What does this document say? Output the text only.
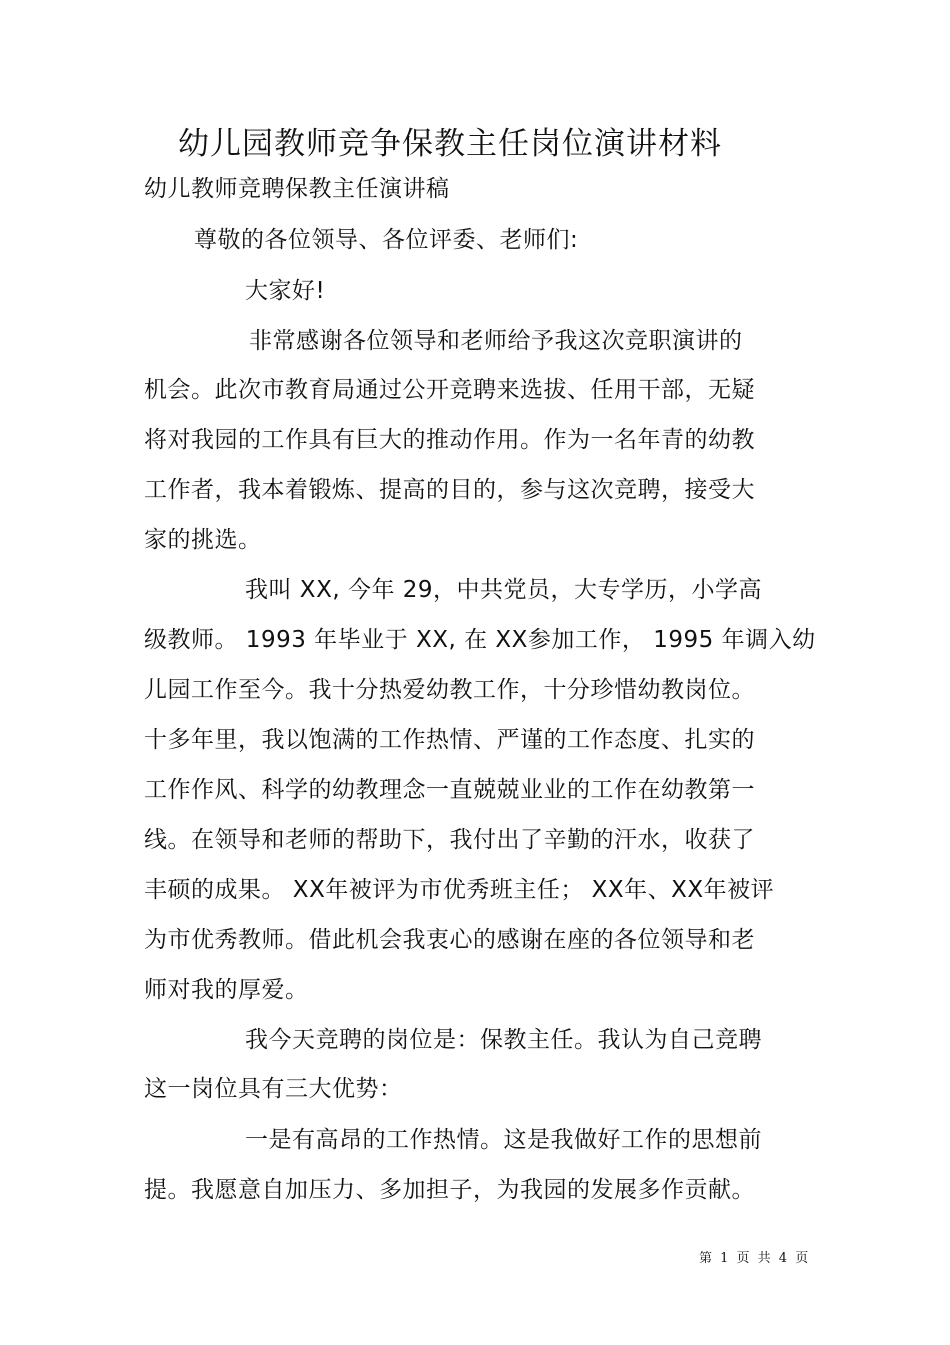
幼儿园教师竞争保教主任岗位演讲材料
幼儿教师竞聘保教主任演讲稿
尊敬的各位领导、各位评委、老师们:
大家好!
非常感谢各位领导和老师给予我这次竞职演讲的
机会。此次市教育局通过公开竞聘来选拔、任用干部，无疑
将对我园的工作具有巨大的推动作用。作为一名年青的幼教
工作者，我本着锻炼、提高的目的，参与这次竞聘，接受大
家的挑选。
我叫 XX, 今年 29，中共党员，大专学历，小学高
级教师。 1993 年毕业于 XX, 在 XX参加工作， 1995 年调入幼
儿园工作至今。我十分热爱幼教工作，十分珍惜幼教岗位。
十多年里，我以饱满的工作热情、严谨的工作态度、扎实的
工作作风、科学的幼教理念一直兢兢业业的工作在幼教第一
线。在领导和老师的帮助下，我付出了辛勤的汗水，收获了
丰硕的成果。 XX年被评为市优秀班主任； XX年、XX年被评
为市优秀教师。借此机会我衷心的感谢在座的各位领导和老
师对我的厚爱。
我今天竞聘的岗位是：保教主任。我认为自己竞聘
这一岗位具有三大优势：
一是有高昂的工作热情。这是我做好工作的思想前
提。我愿意自加压力、多加担子，为我园的发展多作贡献。
第 1 页 共 4 页
